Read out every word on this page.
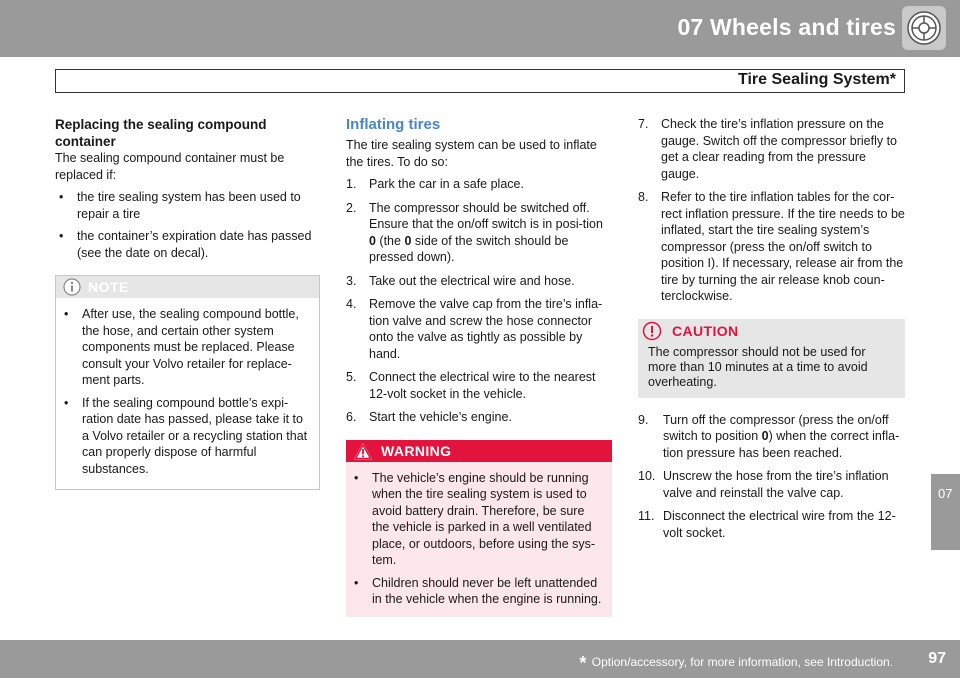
07 Wheels and tires
Tire Sealing System*
Replacing the sealing compound container

The sealing compound container must be replaced if:

• the tire sealing system has been used to repair a tire
• the container’s expiration date has passed (see the date on decal).
NOTE
• After use, the sealing compound bottle, the hose, and certain other system components must be replaced. Please consult your Volvo retailer for replace-ment parts.
• If the sealing compound bottle’s expi-ration date has passed, please take it to a Volvo retailer or a recycling station that can properly dispose of harmful substances.
Inflating tires

The tire sealing system can be used to inflate the tires. To do so:

1. Park the car in a safe place.
2. The compressor should be switched off. Ensure that the on/off switch is in posi-tion 0 (the 0 side of the switch should be pressed down).
3. Take out the electrical wire and hose.
4. Remove the valve cap from the tire’s infla-tion valve and screw the hose connector onto the valve as tightly as possible by hand.
5. Connect the electrical wire to the nearest 12-volt socket in the vehicle.
6. Start the vehicle’s engine.
WARNING
• The vehicle’s engine should be running when the tire sealing system is used to avoid battery drain. Therefore, be sure the vehicle is parked in a well ventilated place, or outdoors, before using the sys-tem.
• Children should never be left unattended in the vehicle when the engine is running.
7. Check the tire’s inflation pressure on the gauge. Switch off the compressor briefly to get a clear reading from the pressure gauge.
8. Refer to the tire inflation tables for the cor-rect inflation pressure. If the tire needs to be inflated, start the tire sealing system’s compressor (press the on/off switch to position I). If necessary, release air from the tire by turning the air release knob coun-terclockwise.
CAUTION
The compressor should not be used for more than 10 minutes at a time to avoid overheating.
9. Turn off the compressor (press the on/off switch to position 0) when the correct infla-tion pressure has been reached.
10. Unscrew the hose from the tire’s inflation valve and reinstall the valve cap.
11. Disconnect the electrical wire from the 12-volt socket.
07
* Option/accessory, for more information, see Introduction. 97
